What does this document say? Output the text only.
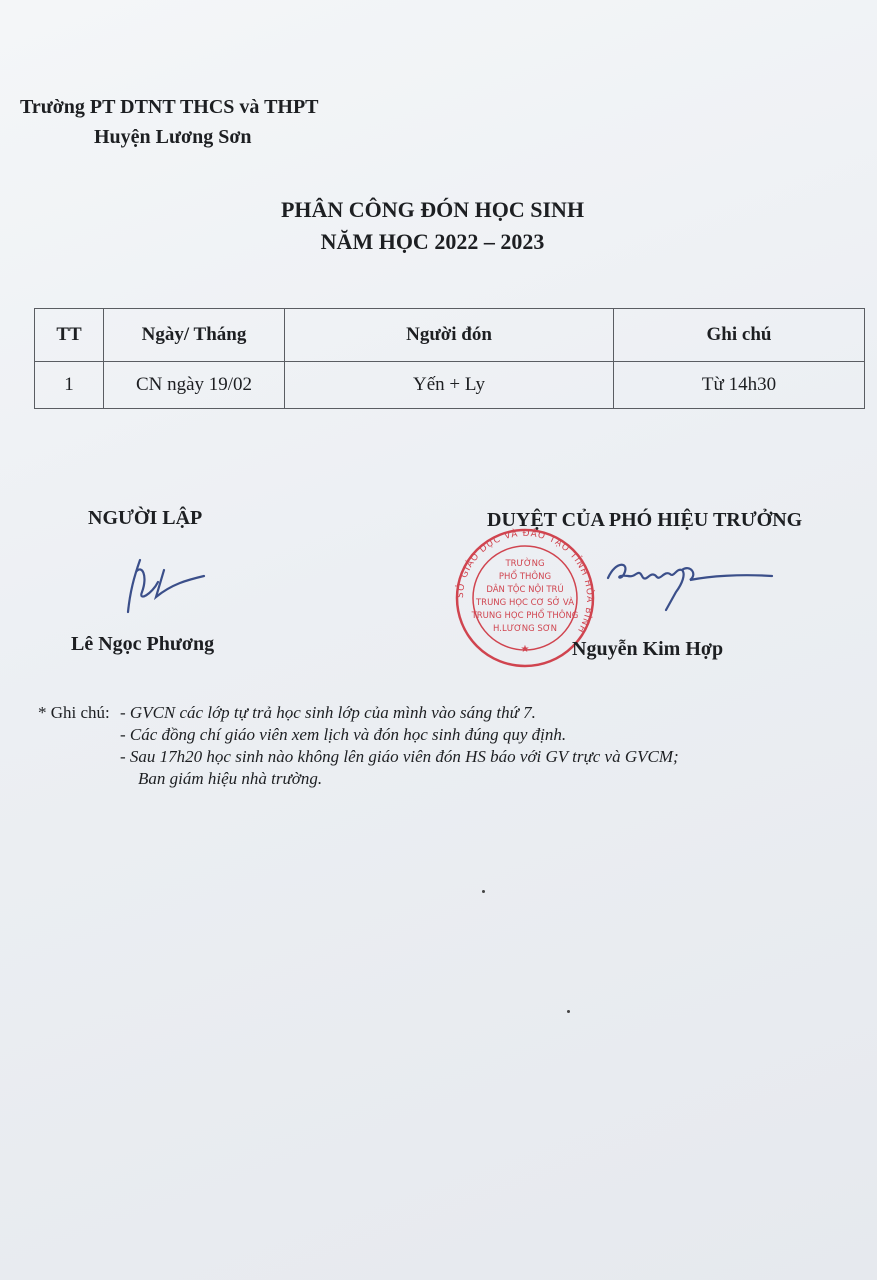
Trường PT DTNT THCS và THPT
Huyện Lương Sơn
PHÂN CÔNG ĐÓN HỌC SINH
NĂM HỌC 2022 – 2023
TT	Ngày/ Tháng	Người đón	Ghi chú
1	CN ngày 19/02	Yến + Ly	Từ 14h30
NGƯỜI LẬP
Lê Ngọc Phương
DUYỆT CỦA PHÓ HIỆU TRƯỞNG
SỞ GIÁO DỤC VÀ ĐÀO TẠO TỈNH HÒA BÌNH
TRƯỜNG
PHỔ THÔNG
DÂN TỘC NỘI TRÚ
TRUNG HỌC CƠ SỞ VÀ
TRUNG HỌC PHỔ THÔNG
H.LƯƠNG SƠN
★ Nguyễn Kim Hợp
* Ghi chú: - GVCN các lớp tự trả học sinh lớp của mình vào sáng thứ 7.
- Các đồng chí giáo viên xem lịch và đón học sinh đúng quy định.
- Sau 17h20 học sinh nào không lên giáo viên đón HS báo với GV trực và GVCM;
Ban giám hiệu nhà trường.
